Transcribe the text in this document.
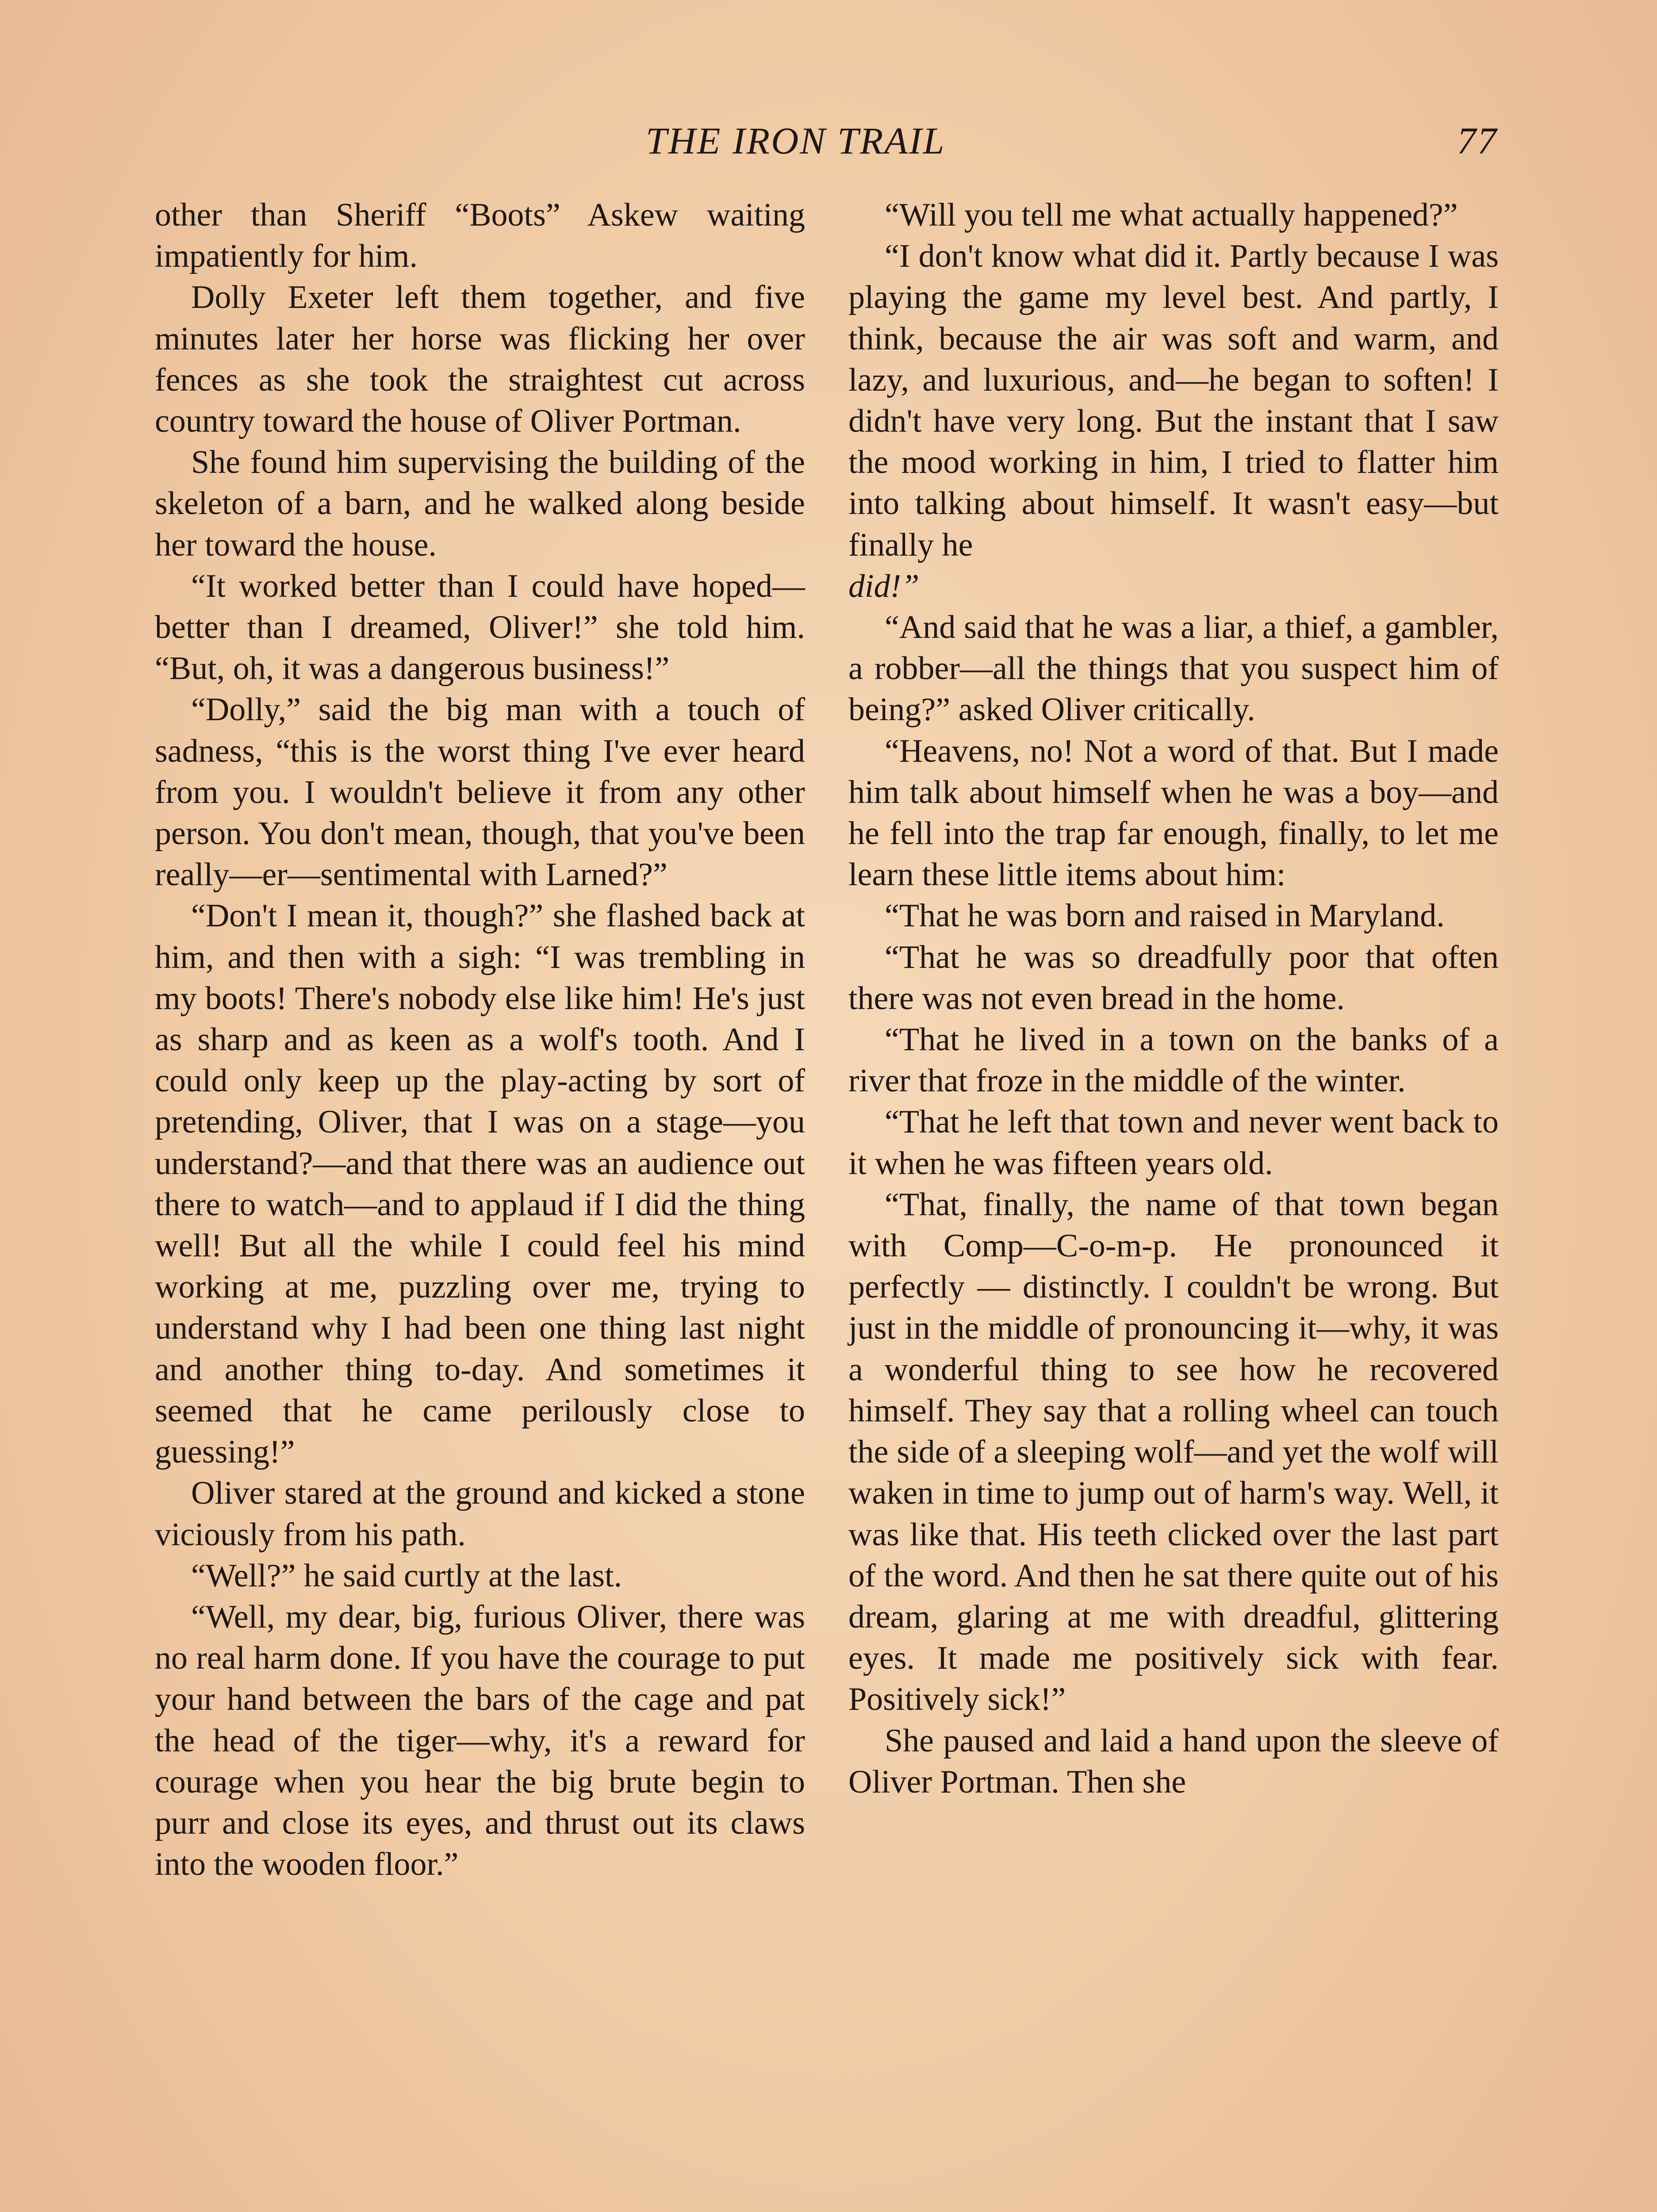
THE IRON TRAIL	77

other than Sheriff “Boots” Askew waiting impatiently for him.

Dolly Exeter left them together, and five minutes later her horse was flicking her over fences as she took the straightest cut across country toward the house of Oliver Portman.

She found him supervising the building of the skeleton of a barn, and he walked along beside her toward the house.

“It worked better than I could have hoped—better than I dreamed, Oliver!” she told him. “But, oh, it was a dangerous business!”

“Dolly,” said the big man with a touch of sadness, “this is the worst thing I've ever heard from you. I wouldn't believe it from any other person. You don't mean, though, that you've been really—er—sentimental with Larned?”

“Don't I mean it, though?” she flashed back at him, and then with a sigh: “I was trembling in my boots! There's nobody else like him! He's just as sharp and as keen as a wolf's tooth. And I could only keep up the play-acting by sort of pretending, Oliver, that I was on a stage—you understand?—and that there was an audience out there to watch—and to applaud if I did the thing well! But all the while I could feel his mind working at me, puzzling over me, trying to understand why I had been one thing last night and another thing to-day. And sometimes it seemed that he came perilously close to guessing!”

Oliver stared at the ground and kicked a stone viciously from his path.

“Well?” he said curtly at the last.

“Well, my dear, big, furious Oliver, there was no real harm done. If you have the courage to put your hand between the bars of the cage and pat the head of the tiger—why, it's a reward for courage when you hear the big brute begin to purr and close its eyes, and thrust out its claws into the wooden floor.”

“Will you tell me what actually happened?”

“I don't know what did it. Partly because I was playing the game my level best. And partly, I think, because the air was soft and warm, and lazy, and luxurious, and—he began to soften! I didn't have very long. But the instant that I saw the mood working in him, I tried to flatter him into talking about himself. It wasn't easy—but finally he

did!”

“And said that he was a liar, a thief, a gambler, a robber—all the things that you suspect him of being?” asked Oliver critically.

“Heavens, no! Not a word of that. But I made him talk about himself when he was a boy—and he fell into the trap far enough, finally, to let me learn these little items about him:

“That he was born and raised in Maryland.

“That he was so dreadfully poor that often there was not even bread in the home.

“That he lived in a town on the banks of a river that froze in the middle of the winter.

“That he left that town and never went back to it when he was fifteen years old.

“That, finally, the name of that town began with Comp—C-o-m-p. He pronounced it perfectly — distinctly. I couldn't be wrong. But just in the middle of pronouncing it—why, it was a wonderful thing to see how he recovered himself. They say that a rolling wheel can touch the side of a sleeping wolf—and yet the wolf will waken in time to jump out of harm's way. Well, it was like that. His teeth clicked over the last part of the word. And then he sat there quite out of his dream, glaring at me with dreadful, glittering eyes. It made me positively sick with fear. Positively sick!”

She paused and laid a hand upon the sleeve of Oliver Portman. Then she
